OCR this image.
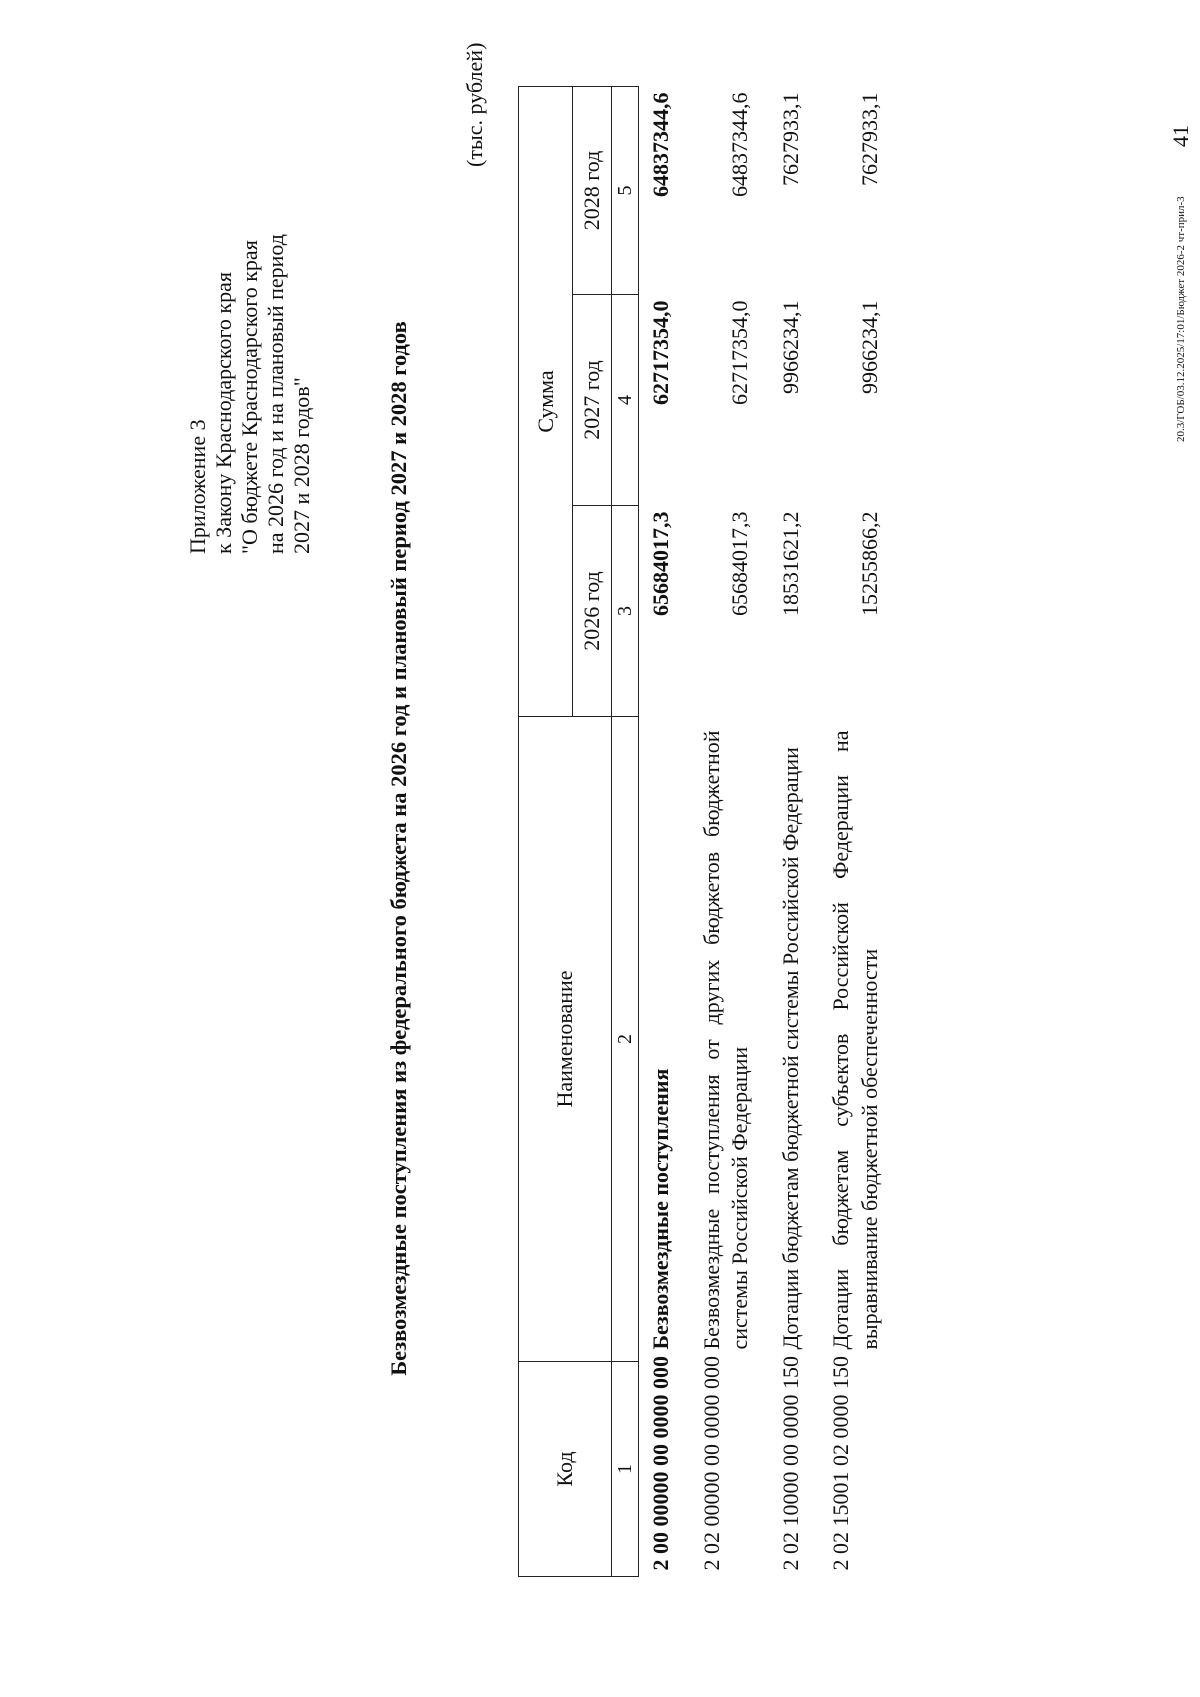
Приложение 3 к Закону Краснодарского края "О бюджете Краснодарского края на 2026 год и на плановый период 2027 и 2028 годов"	Безвозмездные поступления из федерального бюджета на 2026 год и плановый период 2027 и 2028 годов
(тыс. рублей)
Код	Наименование	Сумма		
		2026 год	2027 год	2028 год
1	2	3	4	5
2 00 00000 00 0000 000	Безвозмездные поступления	65684017,3	62717354,0	64837344,6
2 02 00000 00 0000 000	Безвозмездные поступления от других бюджетов бюджетной системы Российской Федерации	65684017,3	62717354,0	64837344,6
2 02 10000 00 0000 150	Дотации бюджетам бюджетной системы Российской Федерации	18531621,2	9966234,1	7627933,1
2 02 15001 02 0000 150	Дотации бюджетам субъектов Российской Федерации на выравнивание бюджетной обеспеченности	15255866,2	9966234,1	7627933,1
20.3/ГОБ/03.12.2025/17:01/Бюджет 2026-2 чт-прил-3
41
